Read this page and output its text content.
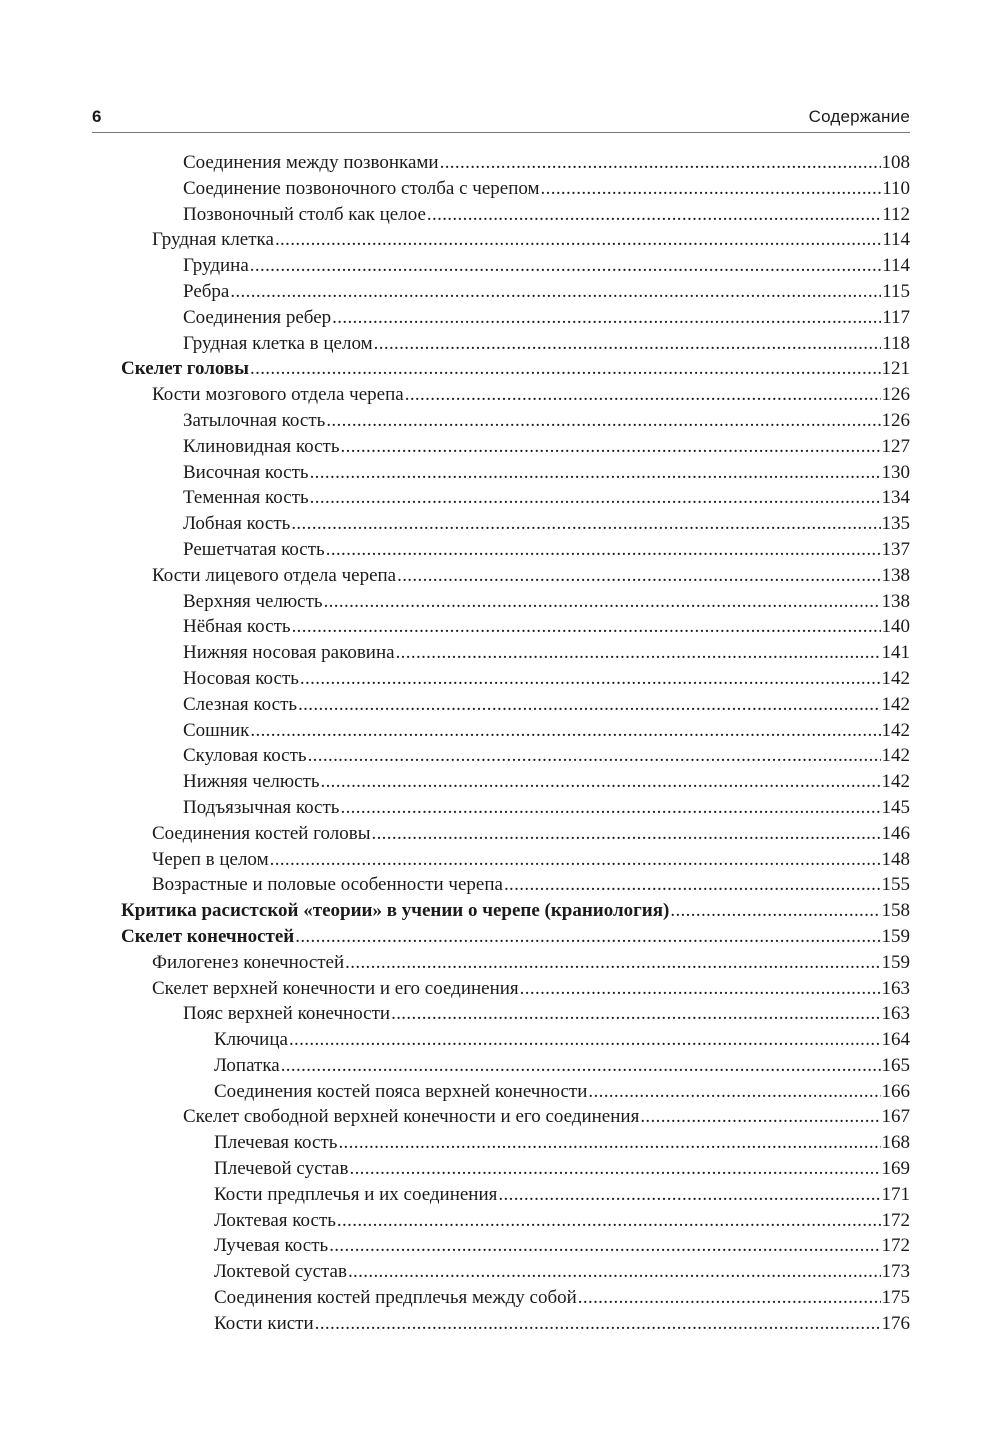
6	Содержание
Соединения между позвонками . . .	108
Соединение позвоночного столба с черепом . . .	110
Позвоночный столб как целое . . .	112
Грудная клетка . . .	114
Грудина . . .	114
Ребра . . .	115
Соединения ребер . . .	117
Грудная клетка в целом . . .	118
Скелет головы . . .	121
Кости мозгового отдела черепа . . .	126
Затылочная кость . . .	126
Клиновидная кость . . .	127
Височная кость . . .	130
Теменная кость . . .	134
Лобная кость . . .	135
Решетчатая кость . . .	137
Кости лицевого отдела черепа . . .	138
Верхняя челюсть . . .	138
Нёбная кость . . .	140
Нижняя носовая раковина . . .	141
Носовая кость . . .	142
Слезная кость . . .	142
Сошник . . .	142
Скуловая кость . . .	142
Нижняя челюсть . . .	142
Подъязычная кость . . .	145
Соединения костей головы . . .	146
Череп в целом . . .	148
Возрастные и половые особенности черепа . . .	155
Критика расистской «теории» в учении о черепе (краниология) . . .	158
Скелет конечностей . . .	159
Филогенез конечностей . . .	159
Скелет верхней конечности и его соединения . . .	163
Пояс верхней конечности . . .	163
Ключица . . .	164
Лопатка . . .	165
Соединения костей пояса верхней конечности . . .	166
Скелет свободной верхней конечности и его соединения . . .	167
Плечевая кость . . .	168
Плечевой сустав . . .	169
Кости предплечья и их соединения . . .	171
Локтевая кость . . .	172
Лучевая кость . . .	172
Локтевой сустав . . .	173
Соединения костей предплечья между собой . . .	175
Кости кисти . . .	176
